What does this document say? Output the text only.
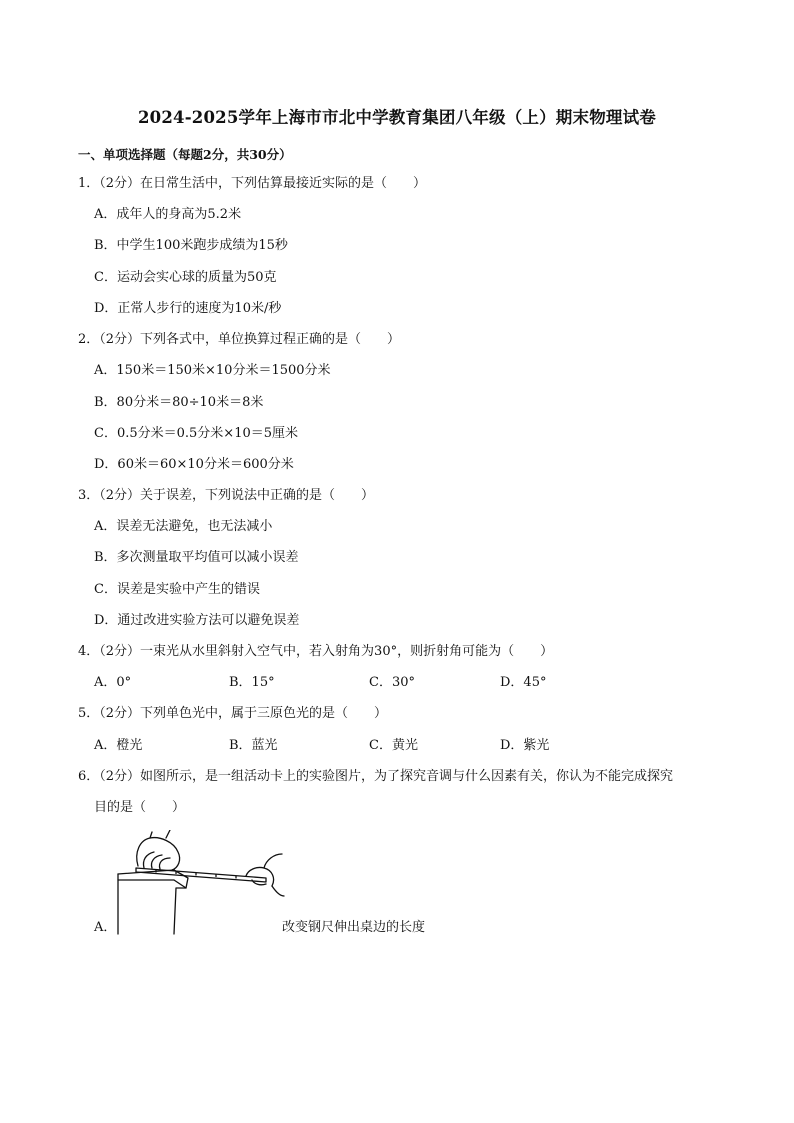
2024-2025学年上海市市北中学教育集团八年级（上）期末物理试卷
一、单项选择题（每题2分，共30分）
1．（2分）在日常生活中，下列估算最接近实际的是（　　）
A．成年人的身高为5.2米
B．中学生100米跑步成绩为15秒
C．运动会实心球的质量为50克
D．正常人步行的速度为10米/秒
2．（2分）下列各式中，单位换算过程正确的是（　　）
A．150米＝150米×10分米＝1500分米
B．80分米＝80÷10米＝8米
C．0.5分米＝0.5分米×10＝5厘米
D．60米＝60×10分米＝600分米
3．（2分）关于误差，下列说法中正确的是（　　）
A．误差无法避免，也无法减小
B．多次测量取平均值可以减小误差
C．误差是实验中产生的错误
D．通过改进实验方法可以避免误差
4．（2分）一束光从水里斜射入空气中，若入射角为30°，则折射角可能为（　　）
A．0°	B．15°	C．30°	D．45°
5．（2分）下列单色光中，属于三原色光的是（　　）
A．橙光	B．蓝光	C．黄光	D．紫光
6．（2分）如图所示，是一组活动卡上的实验图片，为了探究音调与什么因素有关，你认为不能完成探究
目的是（　　）
A．	改变钢尺伸出桌边的长度
